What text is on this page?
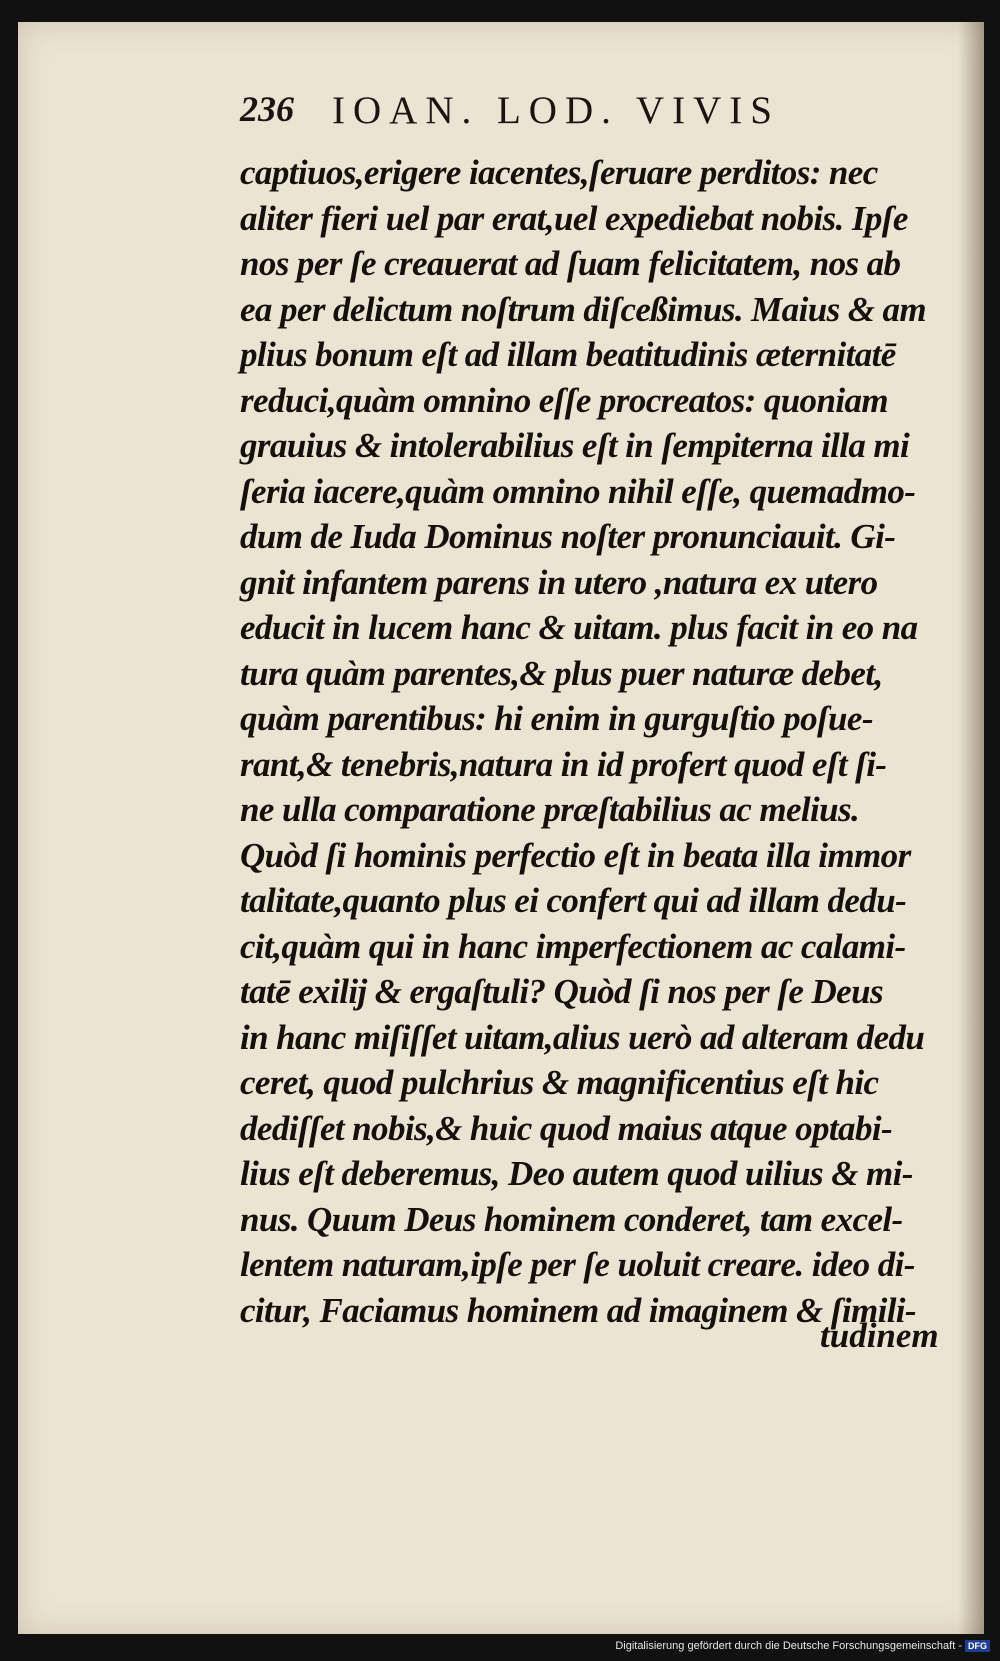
236 IOAN. LOD. VIVIS
captiuos,erigere iacentes,ſeruare perditos: nec
aliter fieri uel par erat,uel expediebat nobis. Ipſe
nos per ſe creauerat ad ſuam felicitatem, nos ab
ea per delictum noſtrum diſceßimus. Maius & am
plius bonum eſt ad illam beatitudinis æternitatē
reduci,quàm omnino eſſe procreatos: quoniam
grauius & intolerabilius eſt in ſempiterna illa mi
ſeria iacere,quàm omnino nihil eſſe, quemadmo-
dum de Iuda Dominus noſter pronunciauit. Gi-
gnit infantem parens in utero ,natura ex utero
educit in lucem hanc & uitam. plus facit in eo na
tura quàm parentes,& plus puer naturæ debet,
quàm parentibus: hi enim in gurguſtio poſue-
rant,& tenebris,natura in id profert quod eſt ſi-
ne ulla comparatione præſtabilius ac melius.
Quòd ſi hominis perfectio eſt in beata illa immor
talitate,quanto plus ei confert qui ad illam dedu-
cit,quàm qui in hanc imperfectionem ac calami-
tatē exilij & ergaſtuli? Quòd ſi nos per ſe Deus
in hanc miſiſſet uitam,alius uerò ad alteram dedu
ceret, quod pulchrius & magnificentius eſt hic
dediſſet nobis,& huic quod maius atque optabi-
lius eſt deberemus, Deo autem quod uilius & mi-
nus. Quum Deus hominem conderet, tam excel-
lentem naturam,ipſe per ſe uoluit creare. ideo di-
citur, Faciamus hominem ad imaginem & ſimili-
tudinem
Digitalisierung gefördert durch die Deutsche Forschungsgemeinschaft - DFG
